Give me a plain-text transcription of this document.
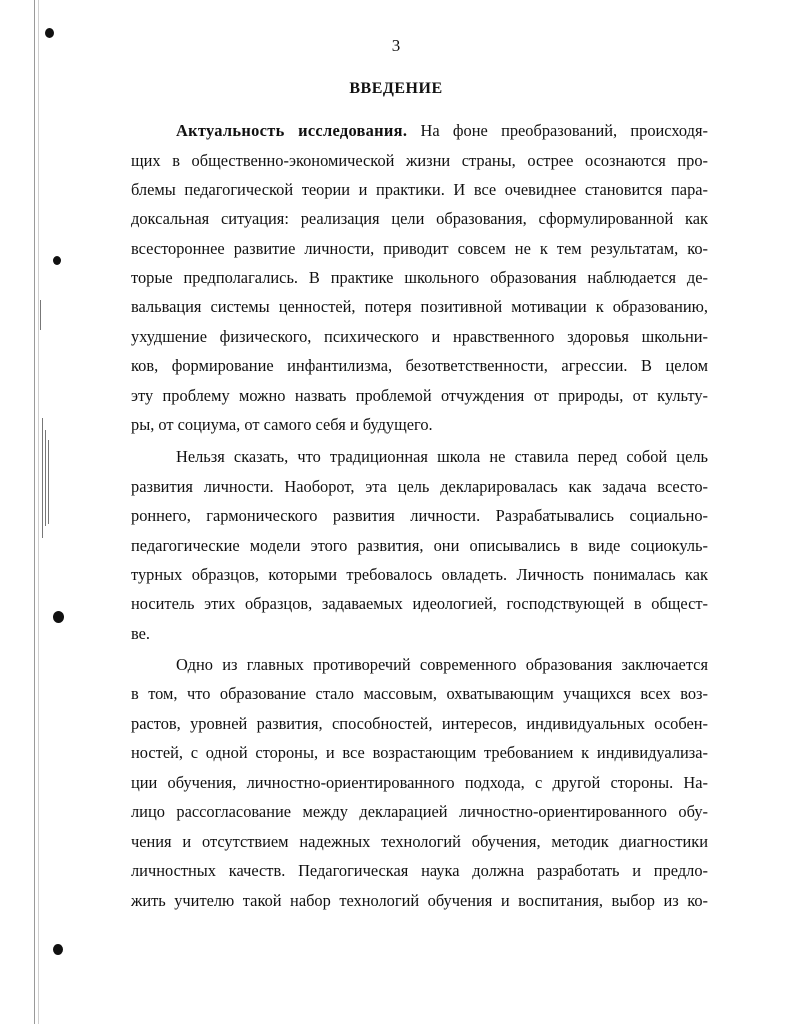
3
ВВЕДЕНИЕ
Актуальность исследования. На фоне преобразований, происходя-
щих в общественно-экономической жизни страны, острее осознаются про-
блемы педагогической теории и практики. И все очевиднее становится пара-
доксальная ситуация: реализация цели образования, сформулированной как
всестороннее развитие личности, приводит совсем не к тем результатам, ко-
торые предполагались. В практике школьного образования наблюдается де-
вальвация системы ценностей, потеря позитивной мотивации к образованию,
ухудшение физического, психического и нравственного здоровья школьни-
ков, формирование инфантилизма, безответственности, агрессии. В целом
эту проблему можно назвать проблемой отчуждения от природы, от культу-
ры, от социума, от самого себя и будущего.
Нельзя сказать, что традиционная школа не ставила перед собой цель
развития личности. Наоборот, эта цель декларировалась как задача всесто-
роннего, гармонического развития личности. Разрабатывались социально-
педагогические модели этого развития, они описывались в виде социокуль-
турных образцов, которыми требовалось овладеть. Личность понималась как
носитель этих образцов, задаваемых идеологией, господствующей в общест-
ве.
Одно из главных противоречий современного образования заключается
в том, что образование стало массовым, охватывающим учащихся всех воз-
растов, уровней развития, способностей, интересов, индивидуальных особен-
ностей, с одной стороны, и все возрастающим требованием к индивидуализа-
ции обучения, личностно-ориентированного подхода, с другой стороны. На-
лицо рассогласование между декларацией личностно-ориентированного обу-
чения и отсутствием надежных технологий обучения, методик диагностики
личностных качеств. Педагогическая наука должна разработать и предло-
жить учителю такой набор технологий обучения и воспитания, выбор из ко-
